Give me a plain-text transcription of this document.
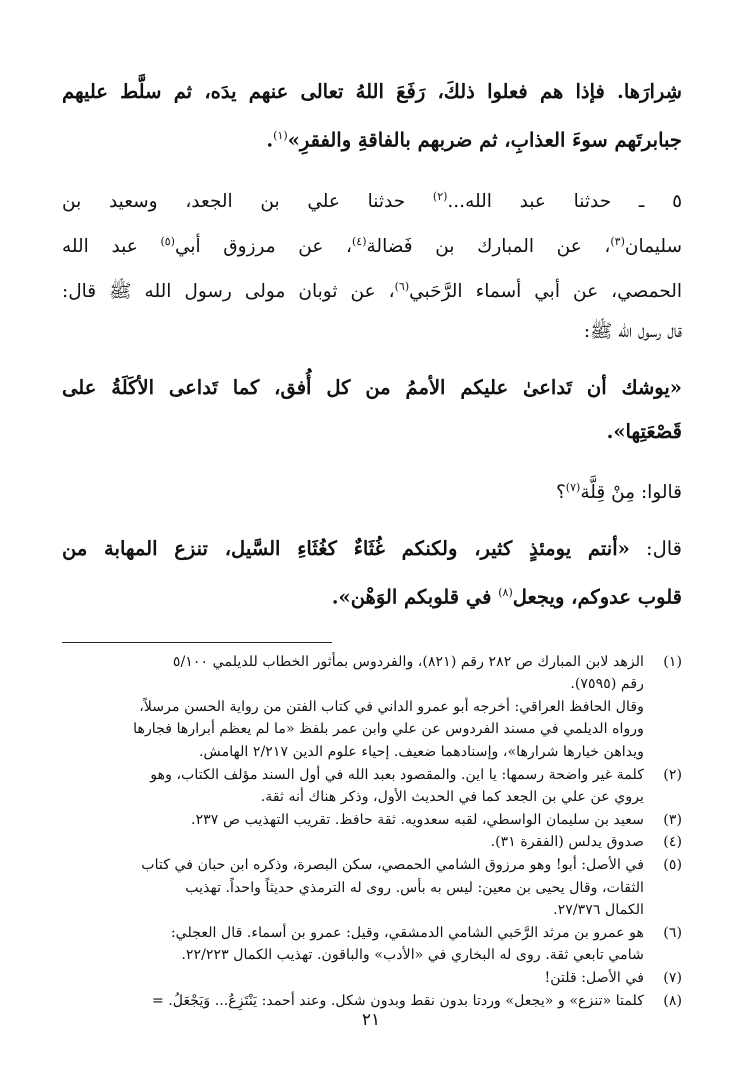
شِرارَها. فإذا هم فعلوا ذلكَ، رَفَعَ اللهُ تعالى عنهم يدَه، ثم سلَّط عليهم
جبابرتَهم سوءَ العذابِ، ثم ضربهم بالفاقةِ والفقرِ»$^{(١)}$.
٥ ـ حدثنا عبد الله...$^{(٢)}$ حدثنا علي بن الجعد، وسعيد بن
سليمان$^{(٣)}$، عن المبارك بن فَضالة$^{(٤)}$، عن مرزوق أبي$^{(٥)}$ عبد الله
الحمصي، عن أبي أسماء الرَّحَبي$^{(٦)}$، عن ثوبان مولى رسول الله ﷺ قال:
قال رسول الله ﷺ:
«يوشك أن تَداعىٰ عليكم الأممُ من كل أُفق، كما تَداعى الأكَلَةُ على
قَصْعَتِها».
قالوا: مِنْ قِلَّة$^{(٧)}$؟
قال: «أنتم يومئذٍ كثير، ولكنكم غُثَاءٌ كغُثَاءِ السَّيل، تنزع المهابة من
قلوب عدوكم، ويجعل$^{(٨)}$ في قلوبكم الوَهْن».
(١)
الزهد لابن المبارك ص ٢٨٢ رقم (٨٢١)، والفردوس بمأثور الخطاب للديلمي ٥/١٠٠
رقم (٧٥٩٥).
وقال الحافظ العراقي: أخرجه أبو عمرو الداني في كتاب الفتن من رواية الحسن مرسلاً،
ورواه الديلمي في مسند الفردوس عن علي وابن عمر بلفظ «ما لم يعظم أبرارها فجارها
ويداهن خيارها شرارها»، وإسنادهما ضعيف. إحياء علوم الدين ٢/٢١٧ الهامش.
(٢)
كلمة غير واضحة رسمها: يا اين. والمقصود بعبد الله في أول السند مؤلف الكتاب، وهو
يروي عن علي بن الجعد كما في الحديث الأول، وذكر هناك أنه ثقة.
(٣)
سعيد بن سليمان الواسطي، لقبه سعدويه. ثقة حافظ. تقريب التهذيب ص ٢٣٧.
(٤)
صدوق يدلس (الفقرة ٣١).
(٥)
في الأصل: أبو! وهو مرزوق الشامي الحمصي، سكن البصرة، وذكره ابن حبان في كتاب
الثقات، وقال يحيى بن معين: ليس به بأس. روى له الترمذي حديثاً واحداً. تهذيب
الكمال ٢٧/٣٧٦.
(٦)
هو عمرو بن مرثد الرَّحَبي الشامي الدمشقي، وقيل: عمرو بن أسماء. قال العجلي:
شامي تابعي ثقة. روى له البخاري في «الأدب» والباقون. تهذيب الكمال ٢٢/٢٢٣.
(٧)
في الأصل: قلتن!
(٨)
كلمتا «تنزع» و «يجعل» وردتا بدون نقط وبدون شكل. وعند أحمد: يَنْتَزِعُ... وَيَجْعَلُ. =
٢١
